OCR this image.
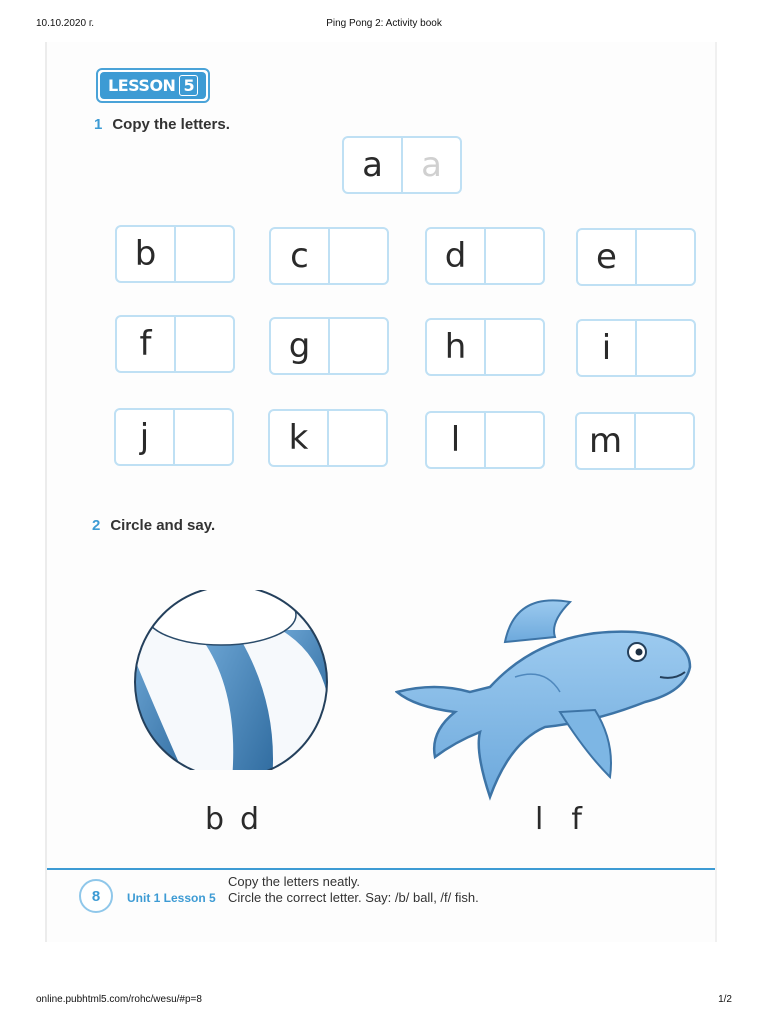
10.10.2020 г.	Ping Pong 2: Activity book
LESSON 5
1 Copy the letters.
a a
b	c	d	e
f	g	h	i
j	k	l	m
2 Circle and say.
b d	l f
8	Unit 1 Lesson 5
Copy the letters neatly.
Circle the correct letter. Say: /b/ ball, /f/ fish.
online.pubhtml5.com/rohc/wesu/#p=8	1/2
